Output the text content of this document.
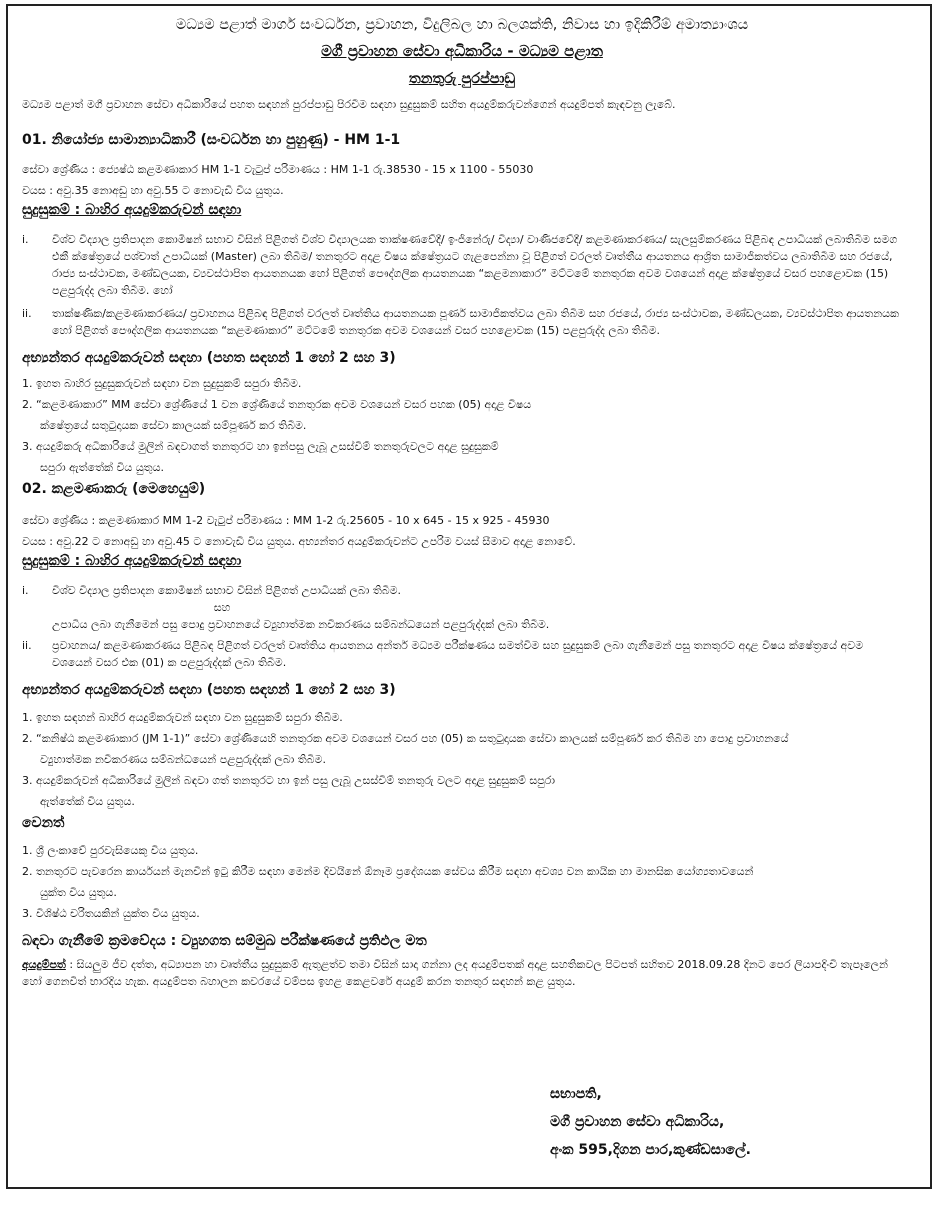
මධ්‍යම පළාත් මාර්ග සංවර්ධන, ප්‍රවාහන, විදුලිබල හා බලශක්ති, නිවාස හා ඉදිකිරීම් අමාත්‍යාංශය
මගී ප්‍රවාහන සේවා අධිකාරිය - මධ්‍යම පළාත
තනතුරු පුරප්පාඩු

මධ්‍යම පළාත් මගී ප්‍රවාහන සේවා අධිකාරියේ පහත සඳහන් පුරප්පාඩු පිරවීම සඳහා සුදුසුකම් සහිත අයදුම්කරුවන්ගෙන් අයදුම්පත් කැඳවනු ලැබේ.

01. නියෝජ්‍ය සාමාන්‍යාධිකාරී (සංවර්ධන හා පුහුණු) - HM 1-1

සේවා ශ්‍රේණිය : ජ්‍යෙෂ්ඨ කළමණාකාර HM 1-1 වැටුප් පරිමාණය : HM 1-1 රු.38530 - 15 x 1100 - 55030

වයස : අවු.35 නොඅඩු හා අවු.55 ට නොවැඩි විය යුතුය.

සුදුසුකම් : බාහිර අයදුම්කරුවන් සඳහා
i.	විශ්ව විද්‍යාල ප්‍රතිපාදන කොමිෂන් සභාව විසින් පිළිගත් විශ්ව විද්‍යාලයක තාක්ෂණවේදී/ ඉංජිනේරු/ විද්‍යා/ වාණිජවේදී/ කළමණාකරණය/ සැලසුම්කරණය පිළිබඳ උපාධියක් ලබාතිබීම සමග එකී ක්ෂේත්‍රයේ පශ්චාත් උපාධියක් (Master) ලබා තිබීම/ තනතුරට අදාළ විෂය ක්ෂේත්‍රයට ගැළපෙන්නා වූ පිළිගත් වරලත් වෘත්තීය ආයතනය ආශ්‍රිත සාමාජිකත්වය ලබාතිබීම සහ රජයේ, රාජ්‍ය සංස්ථාවක, මණ්ඩලයක, ව්‍යවස්ථාපිත ආයතනයක හෝ පිළිගත් පෞද්ගලික ආයතනයක “කළමනාකාර” මට්ටමේ තනතුරක අවම වශයෙන් අදාළ ක්ෂේත්‍රයේ වසර පහළොවක (15) පළපුරුද්ද ලබා තිබීම. හෝ
ii.	තාක්ෂණික/කළමණාකරණය/ ප්‍රවාහනය පිළිබඳ පිළිගත් වරලත් වෘත්තිය ආයතනයක පූර්ණ සාමාජිකත්වය ලබා තිබීම සහ රජයේ, රාජ්‍ය සංස්ථාවක, මණ්ඩලයක, ව්‍යවස්ථාපිත ආයතනයක හෝ පිළිගත් පෞද්ගලික ආයතනයක “කළමණාකාර” මට්ටමේ තනතුරක අවම වශයෙන් වසර පහළොවක (15) පළපුරුද්ද ලබා තිබීම.
අභ්‍යන්තර අයදුම්කරුවන් සඳහා (පහත සඳහන් 1 හෝ 2 සහ 3)
1. ඉහත බාහිර සුදුසුකරුවන් සඳහා වන සුදුසුකම් සපුරා තිබීම.
2. “කළමණාකාර” MM සේවා ශ්‍රේණියේ 1 වන ශ්‍රේණියේ තනතුරක අවම වශයෙන් වසර පහක (05) අදාළ විෂය
ක්ෂේත්‍රයේ සතුටුදායක සේවා කාලයක් සම්පූර්ණ කර තිබීම.
3. අයදුම්කරු අධිකාරියේ මුලින් බඳවාගත් තනතුරට හා ඉන්පසු ලැබූ උසස්වීම් තනතුරුවලට අදාළ සුදුසුකම්
සපුරා ඇත්තේක් විය යුතුය.
02. කළමණාකරු (මෙහෙයුම්)

සේවා ශ්‍රේණිය : කළමණාකාර MM 1-2 වැටුප් පරිමාණය : MM 1-2 රු.25605 - 10 x 645 - 15 x 925 - 45930

වයස : අවු.22 ට නොඅඩු හා අවු.45 ට නොවැඩි විය යුතුය. අභ්‍යන්තර අයදුම්කරුවන්ට උපරිම වයස් සීමාව අදාළ නොවේ.

සුදුසුකම් : බාහිර අයදුම්කරුවන් සඳහා
i.	විශ්ව විද්‍යාල ප්‍රතිපාදන කොමිෂන් සභාව විසින් පිළිගත් උපාධියක් ලබා තිබීම.
සහ
උපාධිය ලබා ගැනීමෙන් පසු පොදු ප්‍රවාහනයේ ව්‍යුහාත්මක නවීකරණය සම්බන්ධයෙන් පළපුරුද්දක් ලබා තිබීම.
ii.	ප්‍රවාහනය/ කළමණාකරණය පිළිබඳ පිළිගත් වරලත් වෘත්තිය ආයතනය අන්තර් මධ්‍යම පරීක්ෂණය සමත්වීම සහ සුදුසුකම් ලබා ගැනීමෙන් පසු තනතුරට අදාළ විෂය ක්ෂේත්‍රයේ අවම වශයෙන් වසර එක (01) ක පළපුරුද්දක් ලබා තිබීම.
අභ්‍යන්තර අයදුම්කරුවන් සඳහා (පහත සඳහන් 1 හෝ 2 සහ 3)
1. ඉහත සඳහන් බාහිර අයදුම්කරුවන් සඳහා වන සුදුසුකම් සපුරා තිබීම.
2. “කනිෂ්ඨ කළමණාකාර (JM 1-1)” සේවා ශ්‍රේණියෙහි තනතුරක අවම වශයෙන් වසර පහ (05) ක සතුටුදායක සේවා කාලයක් සම්පූර්ණ කර තිබීම හා පොදු ප්‍රවාහනයේ
ව්‍යුහාත්මක නවීකරණය සම්බන්ධයෙන් පළපුරුද්දක් ලබා තිබීම.
3. අයදුම්කරුවන් අධිකාරියේ මුලින් බඳවා ගත් තනතුරට හා ඉන් පසු ලැබූ උසස්වීම් තනතුරු වලට අදාළ සුදුසුකම් සපුරා
ඇත්තේක් විය යුතුය.
වෙනත්
1. ශ්‍රී ලංකාවේ පුරවැසියෙකු විය යුතුය.
2. තනතුරට පැවරෙන කාර්යයන් මැනවින් ඉටු කිරීම සඳහා මෙන්ම දිවයිනේ ඕනෑම ප්‍රදේශයක සේවය කිරීම සඳහා අවශ්‍ය වන කායික හා මානසික යෝග්‍යතාවයෙන්
යුක්ත විය යුතුය.
3. විශිෂ්ඨ චරිතයකින් යුක්ත විය යුතුය.
බඳවා ගැනීමේ ක්‍රමවේදය : ව්‍යුහගත සම්මුඛ පරීක්ෂණයේ ප්‍රතිඵල මත

අයදුම්පත් : සියලුම ජීව දත්ත, අධ්‍යාපන හා වෘත්තීය සුදුසුකම් ඇතුළත්ව තමා විසින් සාදා ගන්නා ලද අයදුම්පතක් අදාළ සහතිකවල පිටපත් සහිතව 2018.09.28 දිනට පෙර ලියාපදිංචි තැපෑලෙන් හෝ ගෙනවිත් භාරදිය හැක. අයදුම්පත බහාලන කවරයේ වම්පස ඉහළ කෙළවරේ අයදුම් කරන තනතුර සඳහන් කළ යුතුය.

සභාපති,
මගී ප්‍රවාහන සේවා අධිකාරිය,
අංක 595,දිගන පාර,කුණ්ඩසාලේ.
